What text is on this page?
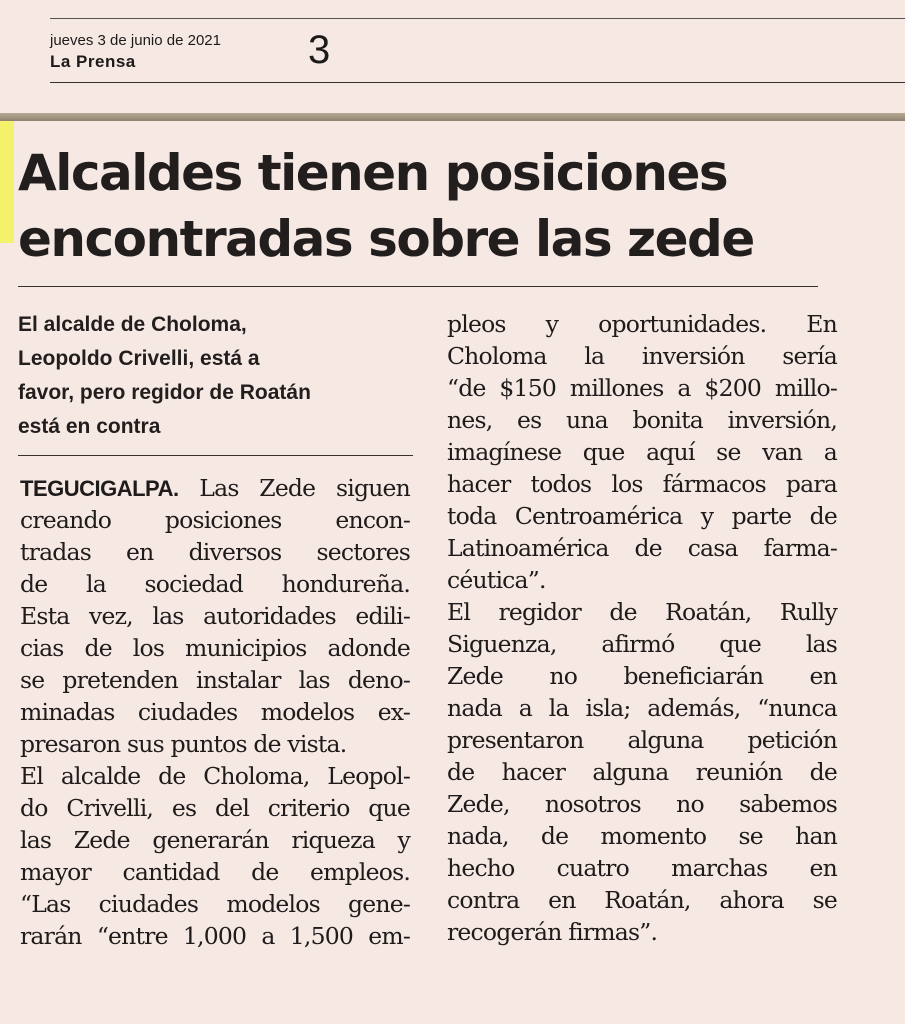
jueves 3 de junio de 2021
La Prensa	3
Alcaldes tienen posiciones
encontradas sobre las zede
El alcalde de Choloma,
Leopoldo Crivelli, está a
favor, pero regidor de Roatán
está en contra

TEGUCIGALPA. Las Zede siguen

creando posiciones encon-

tradas en diversos sectores

de la sociedad hondureña.

Esta vez, las autoridades edili-

cias de los municipios adonde

se pretenden instalar las deno-

minadas ciudades modelos ex-

presaron sus puntos de vista.

El alcalde de Choloma, Leopol-

do Crivelli, es del criterio que

las Zede generarán riqueza y

mayor cantidad de empleos.

“Las ciudades modelos gene-

rarán “entre 1,000 a 1,500 em-

pleos y oportunidades. En

Choloma la inversión sería

“de $150 millones a $200 millo-

nes, es una bonita inversión,

imagínese que aquí se van a

hacer todos los fármacos para

toda Centroamérica y parte de

Latinoamérica de casa farma-

céutica”.

El regidor de Roatán, Rully

Siguenza, afirmó que las

Zede no beneficiarán en

nada a la isla; además, “nunca

presentaron alguna petición

de hacer alguna reunión de

Zede, nosotros no sabemos

nada, de momento se han

hecho cuatro marchas en

contra en Roatán, ahora se

recogerán firmas”.
